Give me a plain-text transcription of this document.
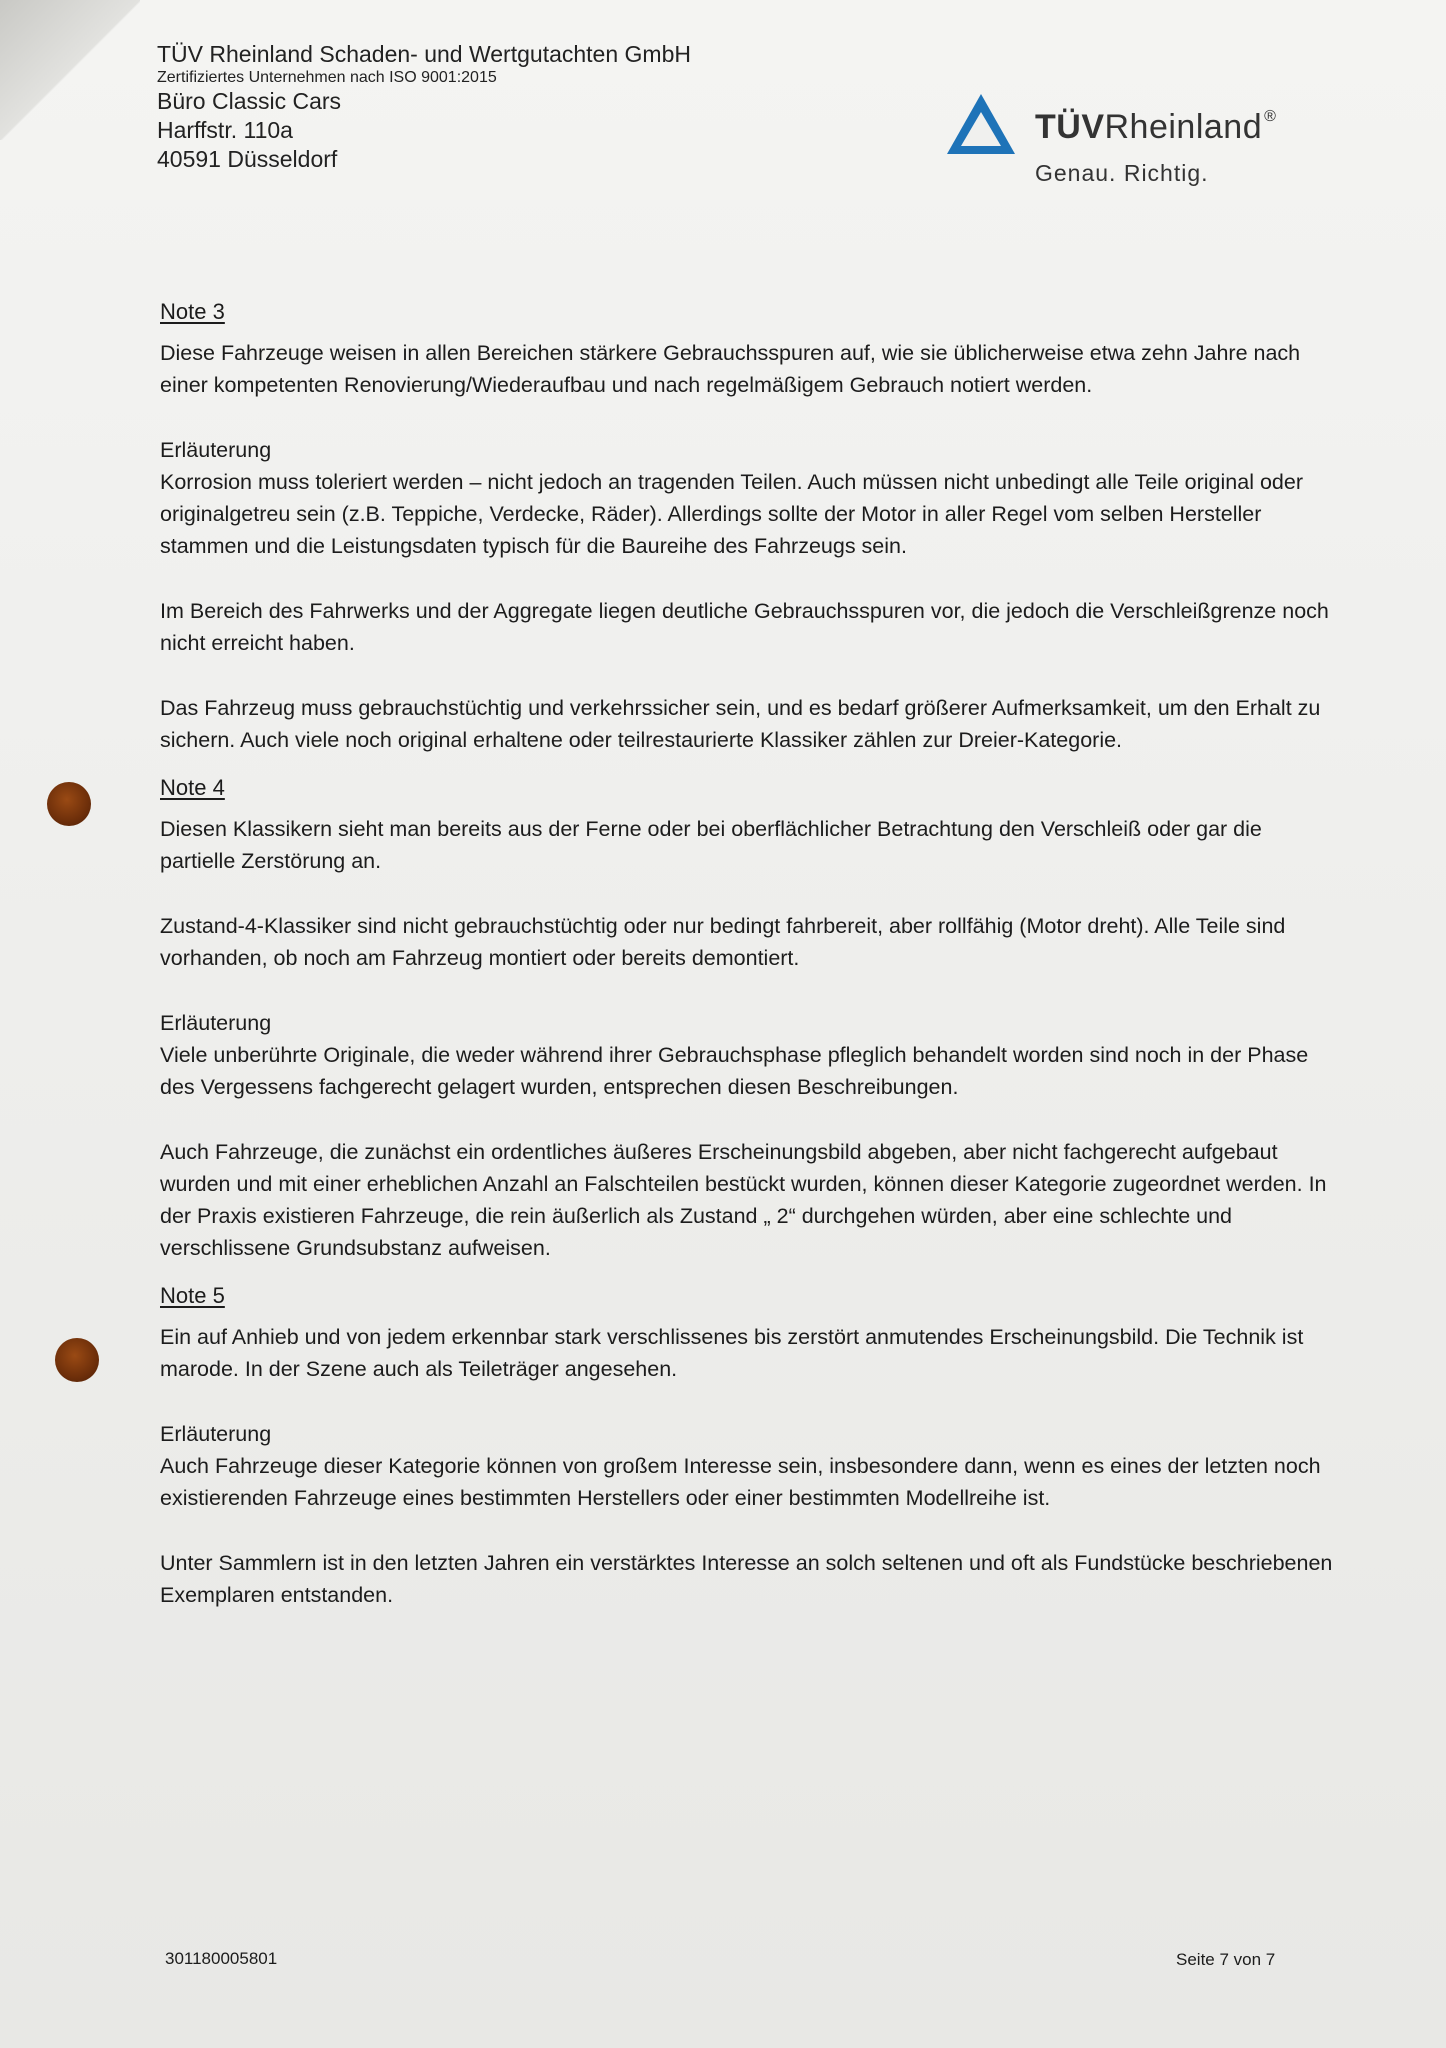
TÜV Rheinland Schaden- und Wertgutachten GmbH
Zertifiziertes Unternehmen nach ISO 9001:2015
Büro Classic Cars
Harffstr. 110a
40591 Düsseldorf
TÜVRheinland ®
Genau. Richtig.
Note 3

Diese Fahrzeuge weisen in allen Bereichen stärkere Gebrauchsspuren auf, wie sie üblicherweise etwa zehn Jahre nach einer kompetenten Renovierung/Wiederaufbau und nach regelmäßigem Gebrauch notiert werden.

Erläuterung

Korrosion muss toleriert werden – nicht jedoch an tragenden Teilen. Auch müssen nicht unbedingt alle Teile original oder originalgetreu sein (z.B. Teppiche, Verdecke, Räder). Allerdings sollte der Motor in aller Regel vom selben Hersteller stammen und die Leistungsdaten typisch für die Baureihe des Fahrzeugs sein.

Im Bereich des Fahrwerks und der Aggregate liegen deutliche Gebrauchsspuren vor, die jedoch die Verschleißgrenze noch nicht erreicht haben.

Das Fahrzeug muss gebrauchstüchtig und verkehrssicher sein, und es bedarf größerer Aufmerksamkeit, um den Erhalt zu sichern. Auch viele noch original erhaltene oder teilrestaurierte Klassiker zählen zur Dreier-Kategorie.

Note 4

Diesen Klassikern sieht man bereits aus der Ferne oder bei oberflächlicher Betrachtung den Verschleiß oder gar die partielle Zerstörung an.

Zustand-4-Klassiker sind nicht gebrauchstüchtig oder nur bedingt fahrbereit, aber rollfähig (Motor dreht). Alle Teile sind vorhanden, ob noch am Fahrzeug montiert oder bereits demontiert.

Erläuterung

Viele unberührte Originale, die weder während ihrer Gebrauchsphase pfleglich behandelt worden sind noch in der Phase des Vergessens fachgerecht gelagert wurden, entsprechen diesen Beschreibungen.

Auch Fahrzeuge, die zunächst ein ordentliches äußeres Erscheinungsbild abgeben, aber nicht fachgerecht aufgebaut wurden und mit einer erheblichen Anzahl an Falschteilen bestückt wurden, können dieser Kategorie zugeordnet werden. In der Praxis existieren Fahrzeuge, die rein äußerlich als Zustand „ 2“ durchgehen würden, aber eine schlechte und verschlissene Grundsubstanz aufweisen.

Note 5

Ein auf Anhieb und von jedem erkennbar stark verschlissenes bis zerstört anmutendes Erscheinungsbild. Die Technik ist marode. In der Szene auch als Teileträger angesehen.

Erläuterung

Auch Fahrzeuge dieser Kategorie können von großem Interesse sein, insbesondere dann, wenn es eines der letzten noch existierenden Fahrzeuge eines bestimmten Herstellers oder einer bestimmten Modellreihe ist.

Unter Sammlern ist in den letzten Jahren ein verstärktes Interesse an solch seltenen und oft als Fundstücke beschriebenen Exemplaren entstanden.

301180005801	Seite 7 von 7
